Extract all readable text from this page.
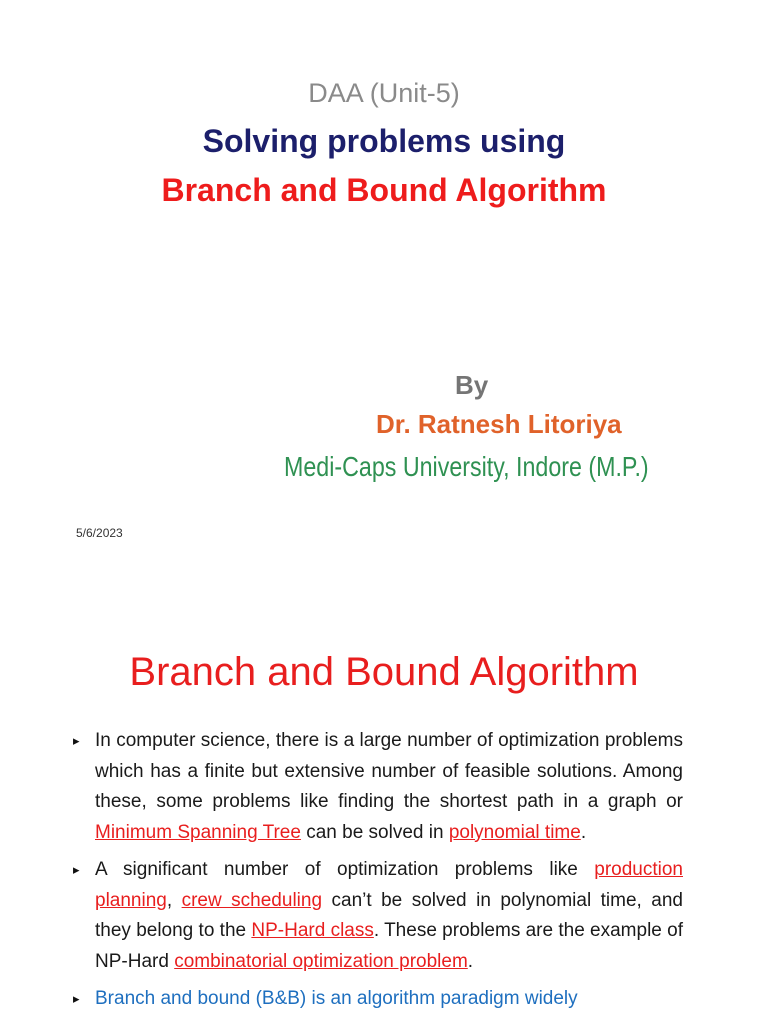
DAA (Unit-5)
Solving problems using
Branch and Bound Algorithm
By
Dr. Ratnesh Litoriya
Medi-Caps University, Indore (M.P.)
5/6/2023
Branch and Bound Algorithm
▸ In computer science, there is a large number of optimization problems which has a finite but extensive number of feasible solutions. Among these, some problems like finding the shortest path in a graph or Minimum Spanning Tree can be solved in polynomial time.
▸ A significant number of optimization problems like production planning, crew scheduling can’t be solved in polynomial time, and they belong to the NP-Hard class. These problems are the example of NP-Hard combinatorial optimization problem.
▸ Branch and bound (B&B) is an algorithm paradigm widely
